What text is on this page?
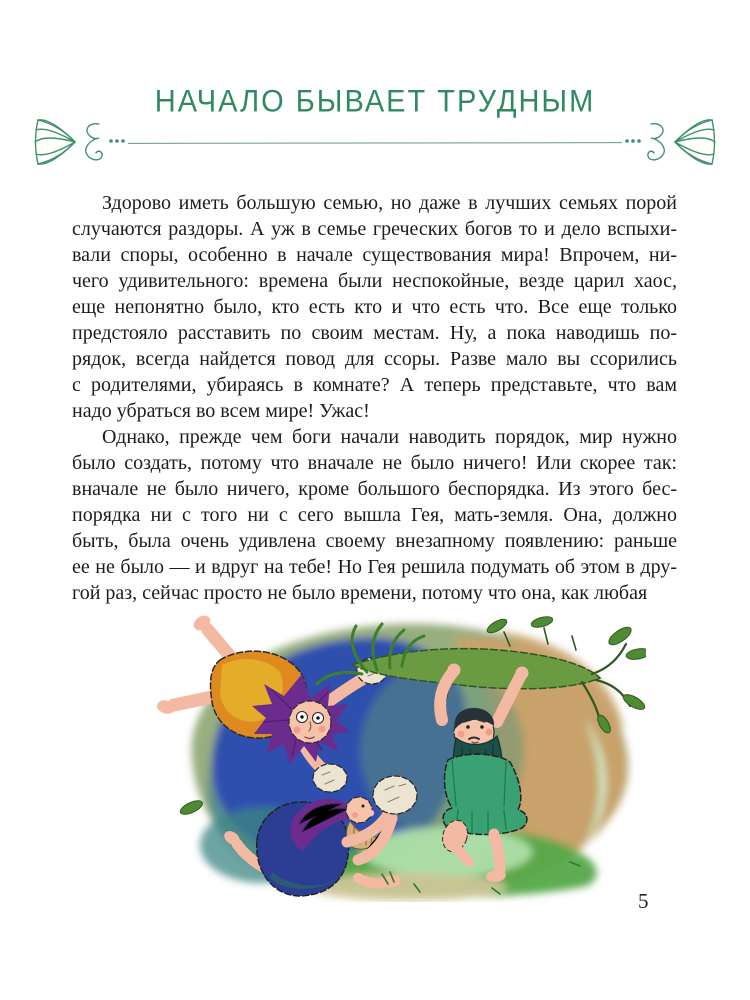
НАЧАЛО БЫВАЕТ ТРУДНЫМ
Здорово иметь большую семью, но даже в лучших семьях порой
случаются раздоры. А уж в семье греческих богов то и дело вспыхи-
вали споры, особенно в начале существования мира! Впрочем, ни-
чего удивительного: времена были неспокойные, везде царил хаос,
еще непонятно было, кто есть кто и что есть что. Все еще только
предстояло расставить по своим местам. Ну, а пока наводишь по-
рядок, всегда найдется повод для ссоры. Разве мало вы ссорились
с родителями, убираясь в комнате? А теперь представьте, что вам
надо убраться во всем мире! Ужас!
Однако, прежде чем боги начали наводить порядок, мир нужно
было создать, потому что вначале не было ничего! Или скорее так:
вначале не было ничего, кроме большого беспорядка. Из этого бес-
порядка ни с того ни с сего вышла Гея, мать-земля. Она, должно
быть, была очень удивлена своему внезапному появлению: раньше
ее не было — и вдруг на тебе! Но Гея решила подумать об этом в дру-
гой раз, сейчас просто не было времени, потому что она, как любая
5
